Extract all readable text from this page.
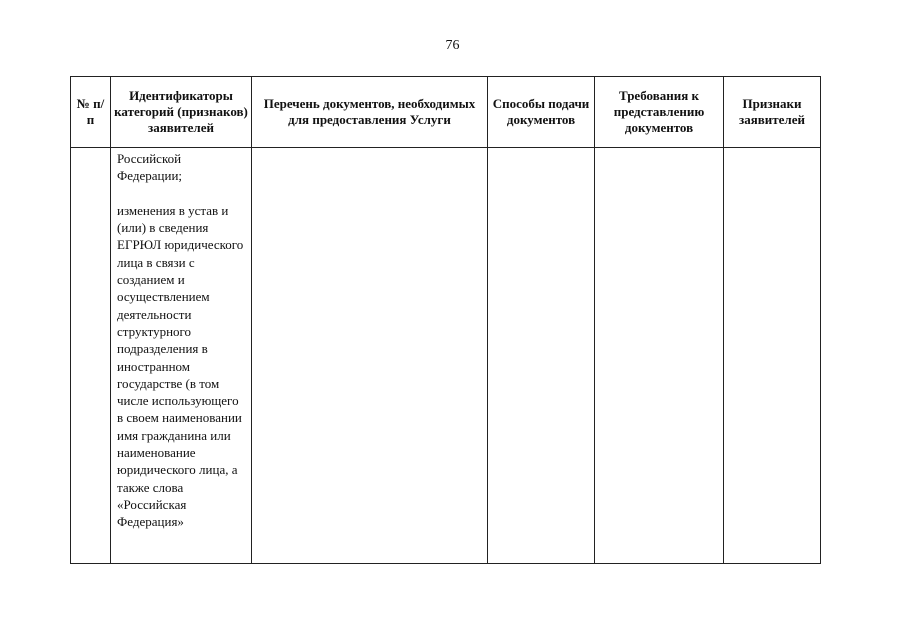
76
№ п/п	Идентификаторы категорий (признаков) заявителей	Перечень документов, необходимых для предоставления Услуги	Способы подачи документов	Требования к представлению документов	Признаки заявителей

	Российской Федерации;
изменения в устав и (или) в сведения ЕГРЮЛ юридического лица в связи с созданием и осуществлением деятельности структурного подразделения в иностранном государстве (в том числе использующего в своем наименовании имя гражданина или наименование юридического лица, а также слова «Российская Федерация»				
